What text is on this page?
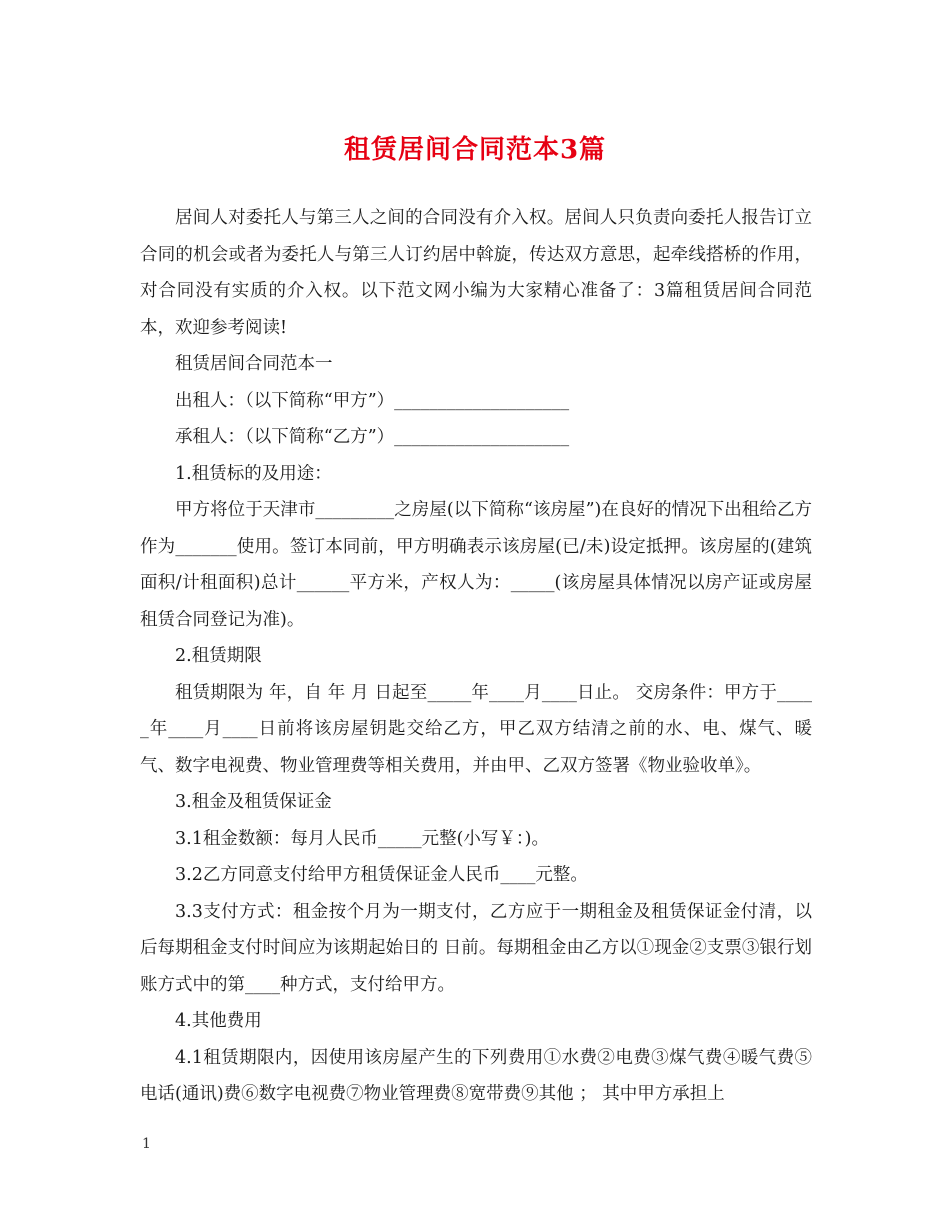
租赁居间合同范本3篇

居间人对委托人与第三人之间的合同没有介入权。居间人只负责向委托人报告订立合同的机会或者为委托人与第三人订约居中斡旋，传达双方意思，起牵线搭桥的作用，对合同没有实质的介入权。以下范文网小编为大家精心准备了：3篇租赁居间合同范本，欢迎参考阅读!

租赁居间合同范本一

出租人：（以下简称“甲方”）____________________

承租人：（以下简称“乙方”）____________________

1.租赁标的及用途：

甲方将位于天津市_________之房屋(以下简称“该房屋”)在良好的情况下出租给乙方作为_______使用。签订本同前，甲方明确表示该房屋(已/未)设定抵押。该房屋的(建筑面积/计租面积)总计______平方米，产权人为：_____(该房屋具体情况以房产证或房屋租赁合同登记为准)。

2.租赁期限

租赁期限为 年，自 年 月 日起至_____年____月____日止。 交房条件：甲方于_____年____月____日前将该房屋钥匙交给乙方，甲乙双方结清之前的水、电、煤气、暖气、数字电视费、物业管理费等相关费用，并由甲、乙双方签署《物业验收单》。

3.租金及租赁保证金

3.1租金数额：每月人民币_____元整(小写￥：)。

3.2乙方同意支付给甲方租赁保证金人民币____元整。

3.3支付方式：租金按个月为一期支付，乙方应于一期租金及租赁保证金付清，以后每期租金支付时间应为该期起始日的 日前。每期租金由乙方以①现金②支票③银行划账方式中的第____种方式，支付给甲方。

4.其他费用

4.1租赁期限内，因使用该房屋产生的下列费用①水费②电费③煤气费④暖气费⑤电话(通讯)费⑥数字电视费⑦物业管理费⑧宽带费⑨其他 ； 其中甲方承担上

1
